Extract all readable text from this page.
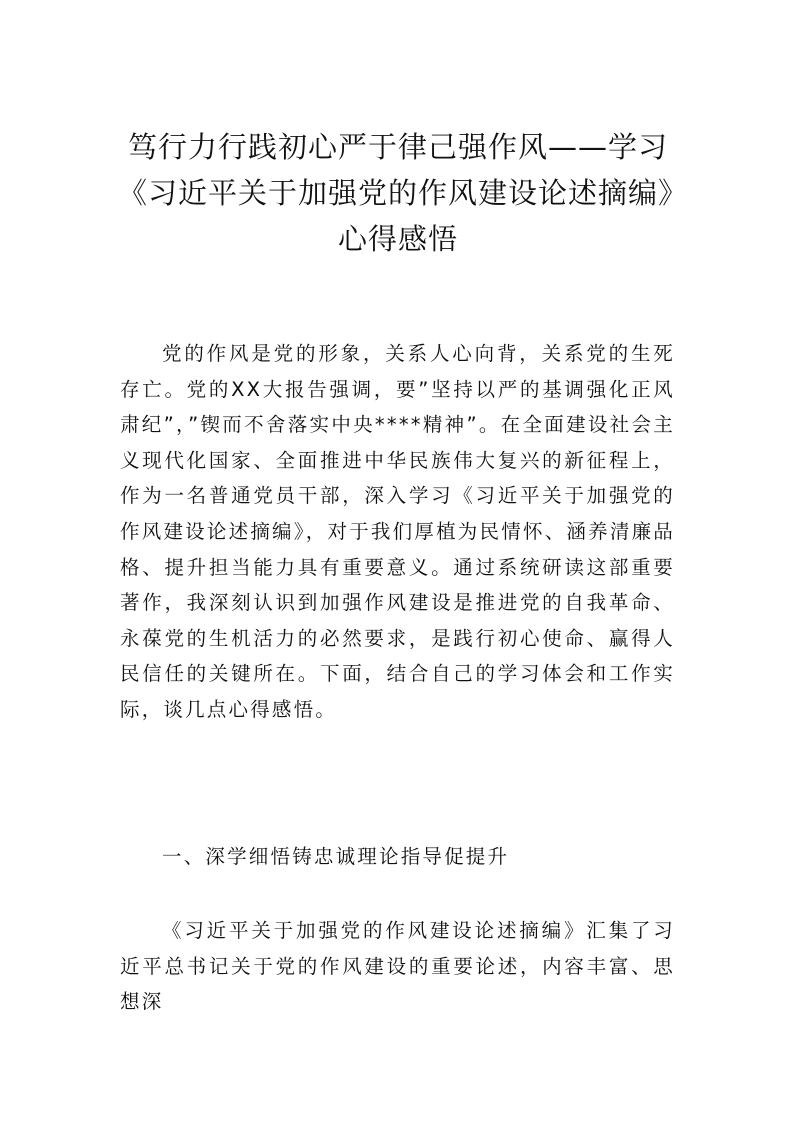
笃行力行践初心严于律己强作风——学习
《习近平关于加强党的作风建设论述摘编》
心得感悟

党的作风是党的形象，关系人心向背，关系党的生死存亡。党的XX大报告强调，要”坚持以严的基调强化正风肃纪”，”锲而不舍落实中央****精神”。在全面建设社会主义现代化国家、全面推进中华民族伟大复兴的新征程上，作为一名普通党员干部，深入学习《习近平关于加强党的作风建设论述摘编》，对于我们厚植为民情怀、涵养清廉品格、提升担当能力具有重要意义。通过系统研读这部重要著作，我深刻认识到加强作风建设是推进党的自我革命、永葆党的生机活力的必然要求，是践行初心使命、赢得人民信任的关键所在。下面，结合自己的学习体会和工作实际，谈几点心得感悟。

一、深学细悟铸忠诚理论指导促提升

《习近平关于加强党的作风建设论述摘编》汇集了习近平总书记关于党的作风建设的重要论述，内容丰富、思想深
